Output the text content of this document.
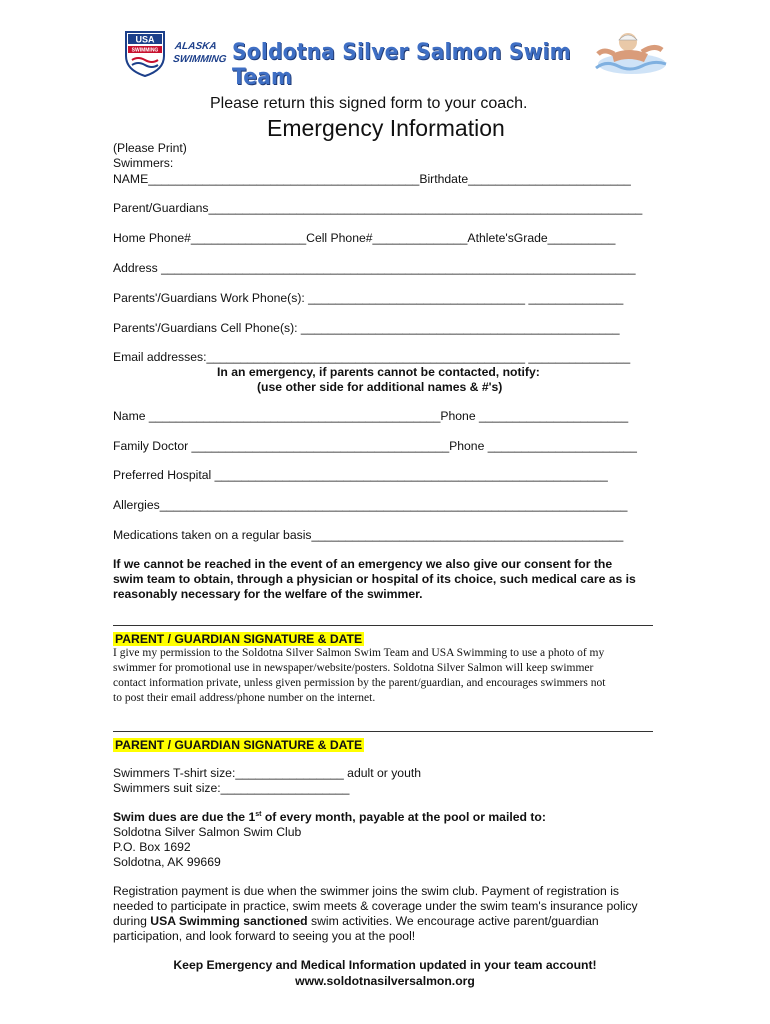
USA
SWIMMING ALASKA
SWIMMING Soldotna Silver Salmon Swim Team
Please return this signed form to your coach.
Emergency Information
(Please Print)
Swimmers:
NAME________________________________________Birthdate________________________
Parent/Guardians________________________________________________________________
Home Phone#_________________Cell Phone#______________Athlete'sGrade__________
Address ______________________________________________________________________
Parents'/Guardians Work Phone(s): ________________________________ ______________
Parents'/Guardians Cell Phone(s): _______________________________________________
Email addresses:_______________________________________________ _______________
In an emergency, if parents cannot be contacted, notify:
(use other side for additional names & #'s)
Name ___________________________________________Phone ______________________
Family Doctor ______________________________________Phone ______________________
Preferred Hospital __________________________________________________________
Allergies_____________________________________________________________________
Medications taken on a regular basis______________________________________________
If we cannot be reached in the event of an emergency we also give our consent for the
swim team to obtain, through a physician or hospital of its choice, such medical care as is
reasonably necessary for the welfare of the swimmer.
PARENT / GUARDIAN SIGNATURE & DATE
I give my permission to the Soldotna Silver Salmon Swim Team and USA Swimming to use a photo of my
swimmer for promotional use in newspaper/website/posters. Soldotna Silver Salmon will keep swimmer
contact information private, unless given permission by the parent/guardian, and encourages swimmers not
to post their email address/phone number on the internet.
PARENT / GUARDIAN SIGNATURE & DATE
Swimmers T-shirt size:________________ adult or youth
Swimmers suit size:___________________
Swim dues are due the 1st of every month, payable at the pool or mailed to:
Soldotna Silver Salmon Swim Club
P.O. Box 1692
Soldotna, AK 99669
Registration payment is due when the swimmer joins the swim club. Payment of registration is
needed to participate in practice, swim meets & coverage under the swim team's insurance policy
during USA Swimming sanctioned swim activities. We encourage active parent/guardian
participation, and look forward to seeing you at the pool!
Keep Emergency and Medical Information updated in your team account!
www.soldotnasilversalmon.org
